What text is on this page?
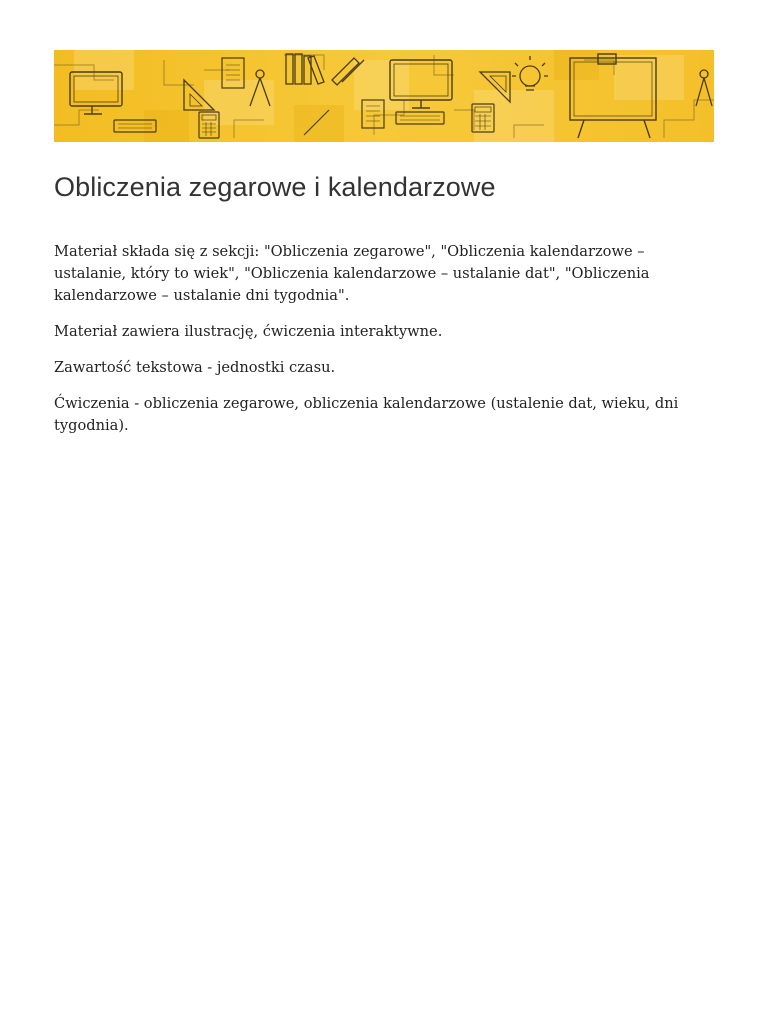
Obliczenia zegarowe i kalendarzowe

Materiał składa się z sekcji: "Obliczenia zegarowe", "Obliczenia kalendarzowe – ustalanie, który to wiek", "Obliczenia kalendarzowe – ustalanie dat", "Obliczenia kalendarzowe – ustalanie dni tygodnia".

Materiał zawiera ilustrację, ćwiczenia interaktywne.

Zawartość tekstowa - jednostki czasu.

Ćwiczenia - obliczenia zegarowe, obliczenia kalendarzowe (ustalenie dat, wieku, dni tygodnia).
